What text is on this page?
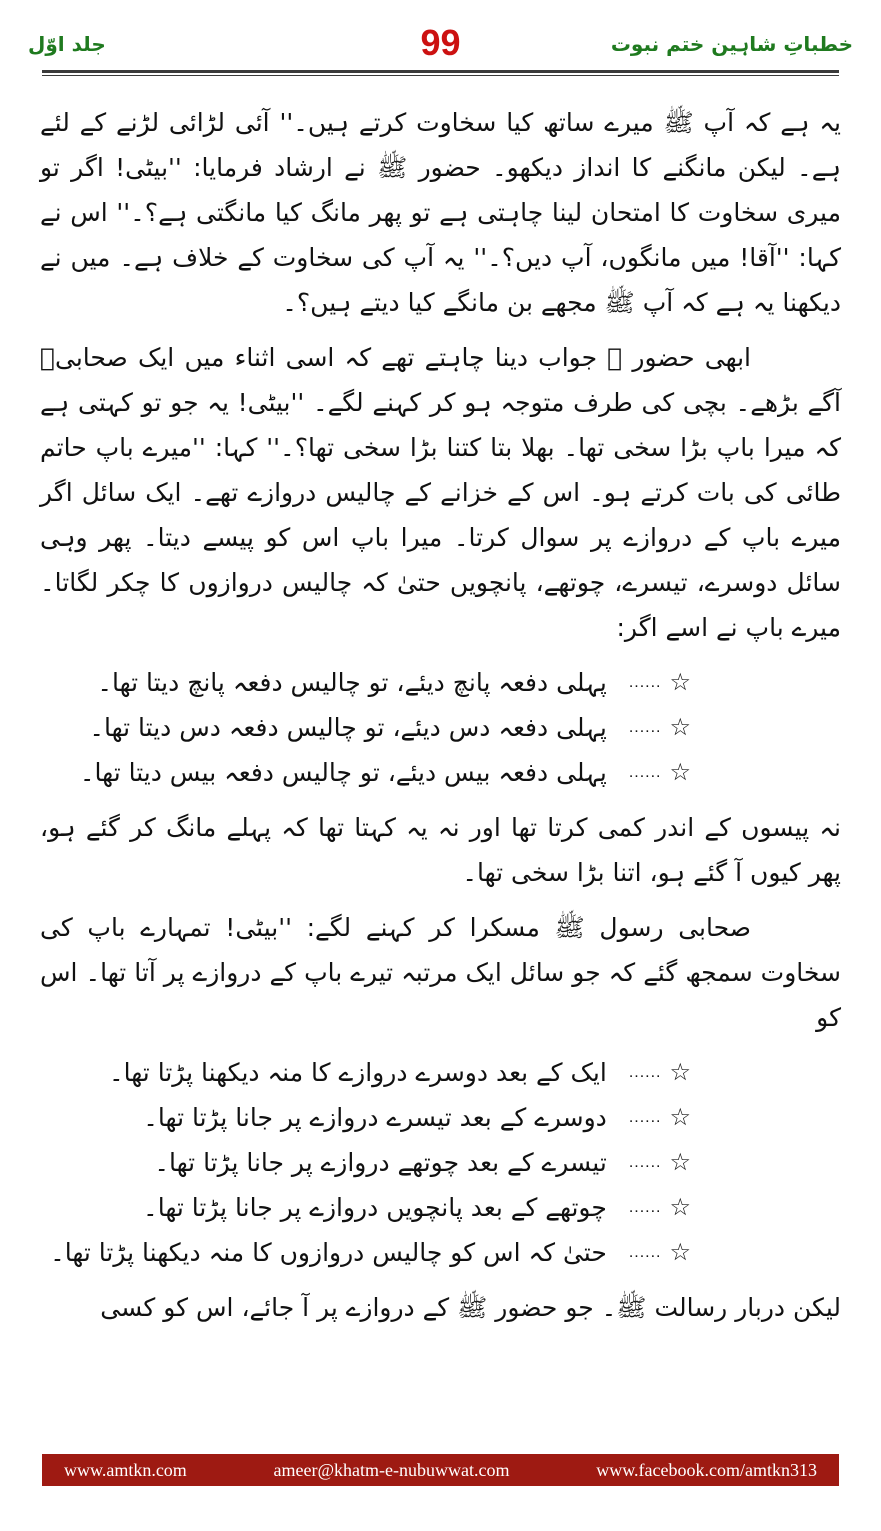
جلد اوّل	99	خطباتِ شاہین ختم نبوت

یہ ہے کہ آپ ﷺ میرے ساتھ کیا سخاوت کرتے ہیں۔'' آئی لڑائی لڑنے کے لئے ہے۔ لیکن مانگنے کا انداز دیکھو۔ حضور ﷺ نے ارشاد فرمایا: ''بیٹی! اگر تو میری سخاوت کا امتحان لینا چاہتی ہے تو پھر مانگ کیا مانگتی ہے؟۔'' اس نے کہا: ''آقا! میں مانگوں، آپ دیں؟۔'' یہ آپ کی سخاوت کے خلاف ہے۔ میں نے دیکھنا یہ ہے کہ آپ ﷺ مجھے بن مانگے کیا دیتے ہیں؟۔

ابھی حضور ﷺ جواب دینا چاہتے تھے کہ اسی اثناء میں ایک صحابیؓ آگے بڑھے۔ بچی کی طرف متوجہ ہو کر کہنے لگے۔ ''بیٹی! یہ جو تو کہتی ہے کہ میرا باپ بڑا سخی تھا۔ بھلا بتا کتنا بڑا سخی تھا؟۔'' کہا: ''میرے باپ حاتم طائی کی بات کرتے ہو۔ اس کے خزانے کے چالیس دروازے تھے۔ ایک سائل اگر میرے باپ کے دروازے پر سوال کرتا۔ میرا باپ اس کو پیسے دیتا۔ پھر وہی سائل دوسرے، تیسرے، چوتھے، پانچویں حتیٰ کہ چالیس دروازوں کا چکر لگاتا۔ میرے باپ نے اسے اگر:

☆
......
پہلی دفعہ پانچ دیئے، تو چالیس دفعہ پانچ دیتا تھا۔
☆
......
پہلی دفعہ دس دیئے، تو چالیس دفعہ دس دیتا تھا۔
☆
......
پہلی دفعہ بیس دیئے، تو چالیس دفعہ بیس دیتا تھا۔

نہ پیسوں کے اندر کمی کرتا تھا اور نہ یہ کہتا تھا کہ پہلے مانگ کر گئے ہو، پھر کیوں آ گئے ہو، اتنا بڑا سخی تھا۔

صحابی رسول ﷺ مسکرا کر کہنے لگے: ''بیٹی! تمہارے باپ کی سخاوت سمجھ گئے کہ جو سائل ایک مرتبہ تیرے باپ کے دروازے پر آتا تھا۔ اس کو

☆
......
ایک کے بعد دوسرے دروازے کا منہ دیکھنا پڑتا تھا۔
☆
......
دوسرے کے بعد تیسرے دروازے پر جانا پڑتا تھا۔
☆
......
تیسرے کے بعد چوتھے دروازے پر جانا پڑتا تھا۔
☆
......
چوتھے کے بعد پانچویں دروازے پر جانا پڑتا تھا۔
☆
......
حتیٰ کہ اس کو چالیس دروازوں کا منہ دیکھنا پڑتا تھا۔

لیکن دربار رسالت ﷺ۔ جو حضور ﷺ کے دروازے پر آ جائے، اس کو کسی

www.amtkn.com	ameer@khatm-e-nubuwwat.com	www.facebook.com/amtkn313
